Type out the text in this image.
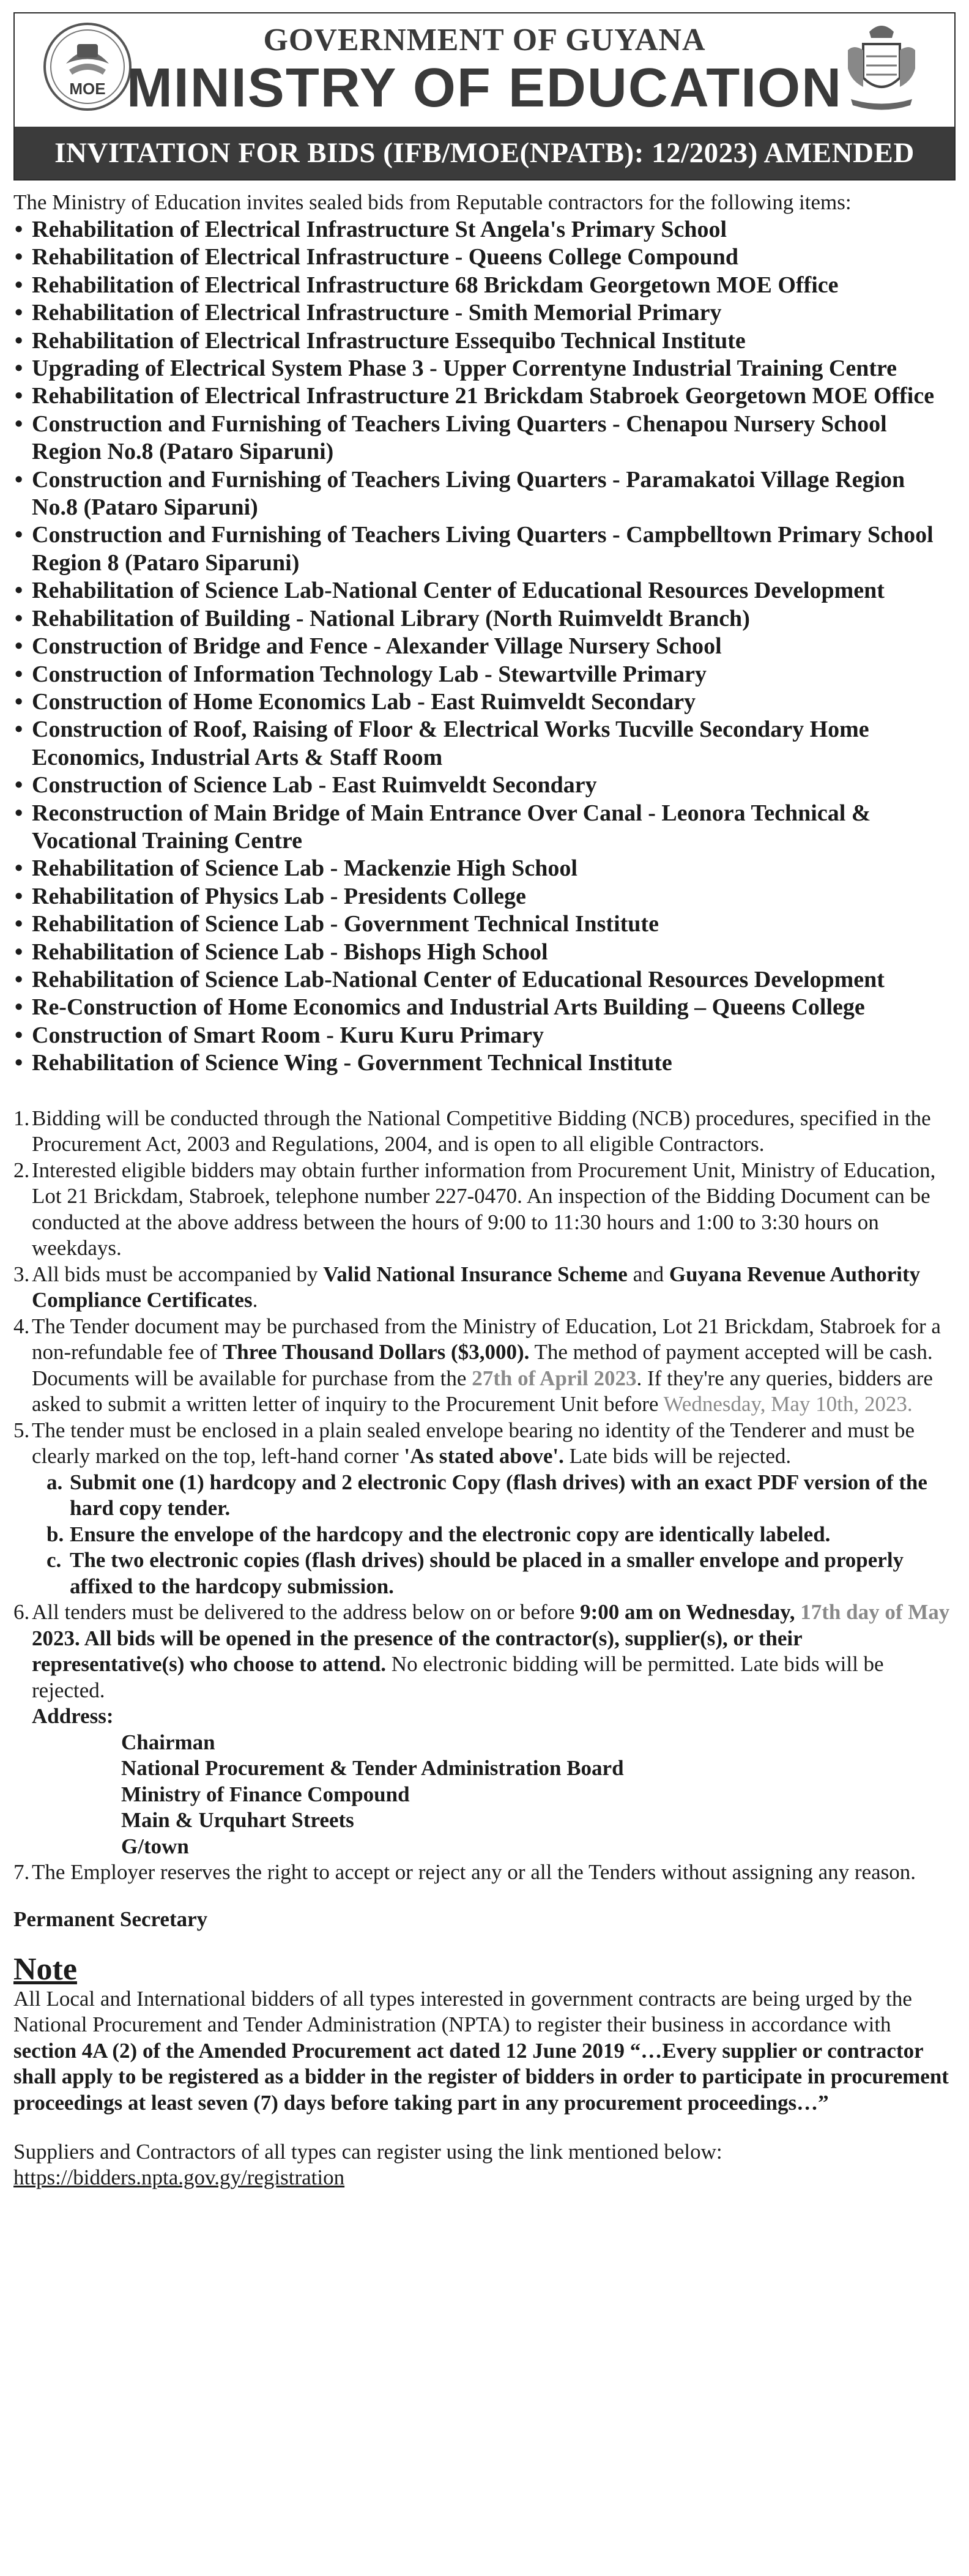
MOE
GOVERNMENT OF GUYANA
MINISTRY OF EDUCATION
INVITATION FOR BIDS (IFB/MOE(NPATB): 12/2023) AMENDED

The Ministry of Education invites sealed bids from Reputable contractors for the following items:

• Rehabilitation of Electrical Infrastructure St Angela's Primary School
• Rehabilitation of Electrical Infrastructure - Queens College Compound
• Rehabilitation of Electrical Infrastructure 68 Brickdam Georgetown MOE Office
• Rehabilitation of Electrical Infrastructure - Smith Memorial Primary
• Rehabilitation of Electrical Infrastructure Essequibo Technical Institute
• Upgrading of Electrical System Phase 3 - Upper Correntyne Industrial Training Centre
• Rehabilitation of Electrical Infrastructure 21 Brickdam Stabroek Georgetown MOE Office
• Construction and Furnishing of Teachers Living Quarters - Chenapou Nursery School Region No.8 (Pataro Siparuni)
• Construction and Furnishing of Teachers Living Quarters - Paramakatoi Village Region No.8 (Pataro Siparuni)
• Construction and Furnishing of Teachers Living Quarters - Campbelltown Primary School Region 8 (Pataro Siparuni)
• Rehabilitation of Science Lab-National Center of Educational Resources Development
• Rehabilitation of Building - National Library (North Ruimveldt Branch)
• Construction of Bridge and Fence - Alexander Village Nursery School
• Construction of Information Technology Lab - Stewartville Primary
• Construction of Home Economics Lab - East Ruimveldt Secondary
• Construction of Roof, Raising of Floor & Electrical Works Tucville Secondary Home Economics, Industrial Arts & Staff Room
• Construction of Science Lab - East Ruimveldt Secondary
• Reconstruction of Main Bridge of Main Entrance Over Canal - Leonora Technical & Vocational Training Centre
• Rehabilitation of Science Lab - Mackenzie High School
• Rehabilitation of Physics Lab - Presidents College
• Rehabilitation of Science Lab - Government Technical Institute
• Rehabilitation of Science Lab - Bishops High School
• Rehabilitation of Science Lab-National Center of Educational Resources Development
• Re-Construction of Home Economics and Industrial Arts Building – Queens College
• Construction of Smart Room - Kuru Kuru Primary
• Rehabilitation of Science Wing - Government Technical Institute
1. Bidding will be conducted through the National Competitive Bidding (NCB) procedures, specified in the Procurement Act, 2003 and Regulations, 2004, and is open to all eligible Contractors.
2. Interested eligible bidders may obtain further information from Procurement Unit, Ministry of Education, Lot 21 Brickdam, Stabroek, telephone number 227-0470. An inspection of the Bidding Document can be conducted at the above address between the hours of 9:00 to 11:30 hours and 1:00 to 3:30 hours on weekdays.
3. All bids must be accompanied by Valid National Insurance Scheme and Guyana Revenue Authority Compliance Certificates.
4. The Tender document may be purchased from the Ministry of Education, Lot 21 Brickdam, Stabroek for a non-refundable fee of Three Thousand Dollars ($3,000). The method of payment accepted will be cash. Documents will be available for purchase from the 27th of April 2023. If they're any queries, bidders are asked to submit a written letter of inquiry to the Procurement Unit before Wednesday, May 10th, 2023.
5. The tender must be enclosed in a plain sealed envelope bearing no identity of the Tenderer and must be clearly marked on the top, left-hand corner 'As stated above'. Late bids will be rejected.
a. Submit one (1) hardcopy and 2 electronic Copy (flash drives) with an exact PDF version of the hard copy tender.
b. Ensure the envelope of the hardcopy and the electronic copy are identically labeled.
c. The two electronic copies (flash drives) should be placed in a smaller envelope and properly affixed to the hardcopy submission.
6. All tenders must be delivered to the address below on or before 9:00 am on Wednesday, 17th day of May 2023. All bids will be opened in the presence of the contractor(s), supplier(s), or their representative(s) who choose to attend. No electronic bidding will be permitted. Late bids will be rejected.
Address:
Chairman
National Procurement & Tender Administration Board
Ministry of Finance Compound
Main & Urquhart Streets
G/town
7. The Employer reserves the right to accept or reject any or all the Tenders without assigning any reason.
Permanent Secretary
Note

All Local and International bidders of all types interested in government contracts are being urged by the National Procurement and Tender Administration (NPTA) to register their business in accordance with section 4A (2) of the Amended Procurement act dated 12 June 2019 “…Every supplier or contractor shall apply to be registered as a bidder in the register of bidders in order to participate in procurement proceedings at least seven (7) days before taking part in any procurement proceedings…”

Suppliers and Contractors of all types can register using the link mentioned below:

https://bidders.npta.gov.gy/registration
